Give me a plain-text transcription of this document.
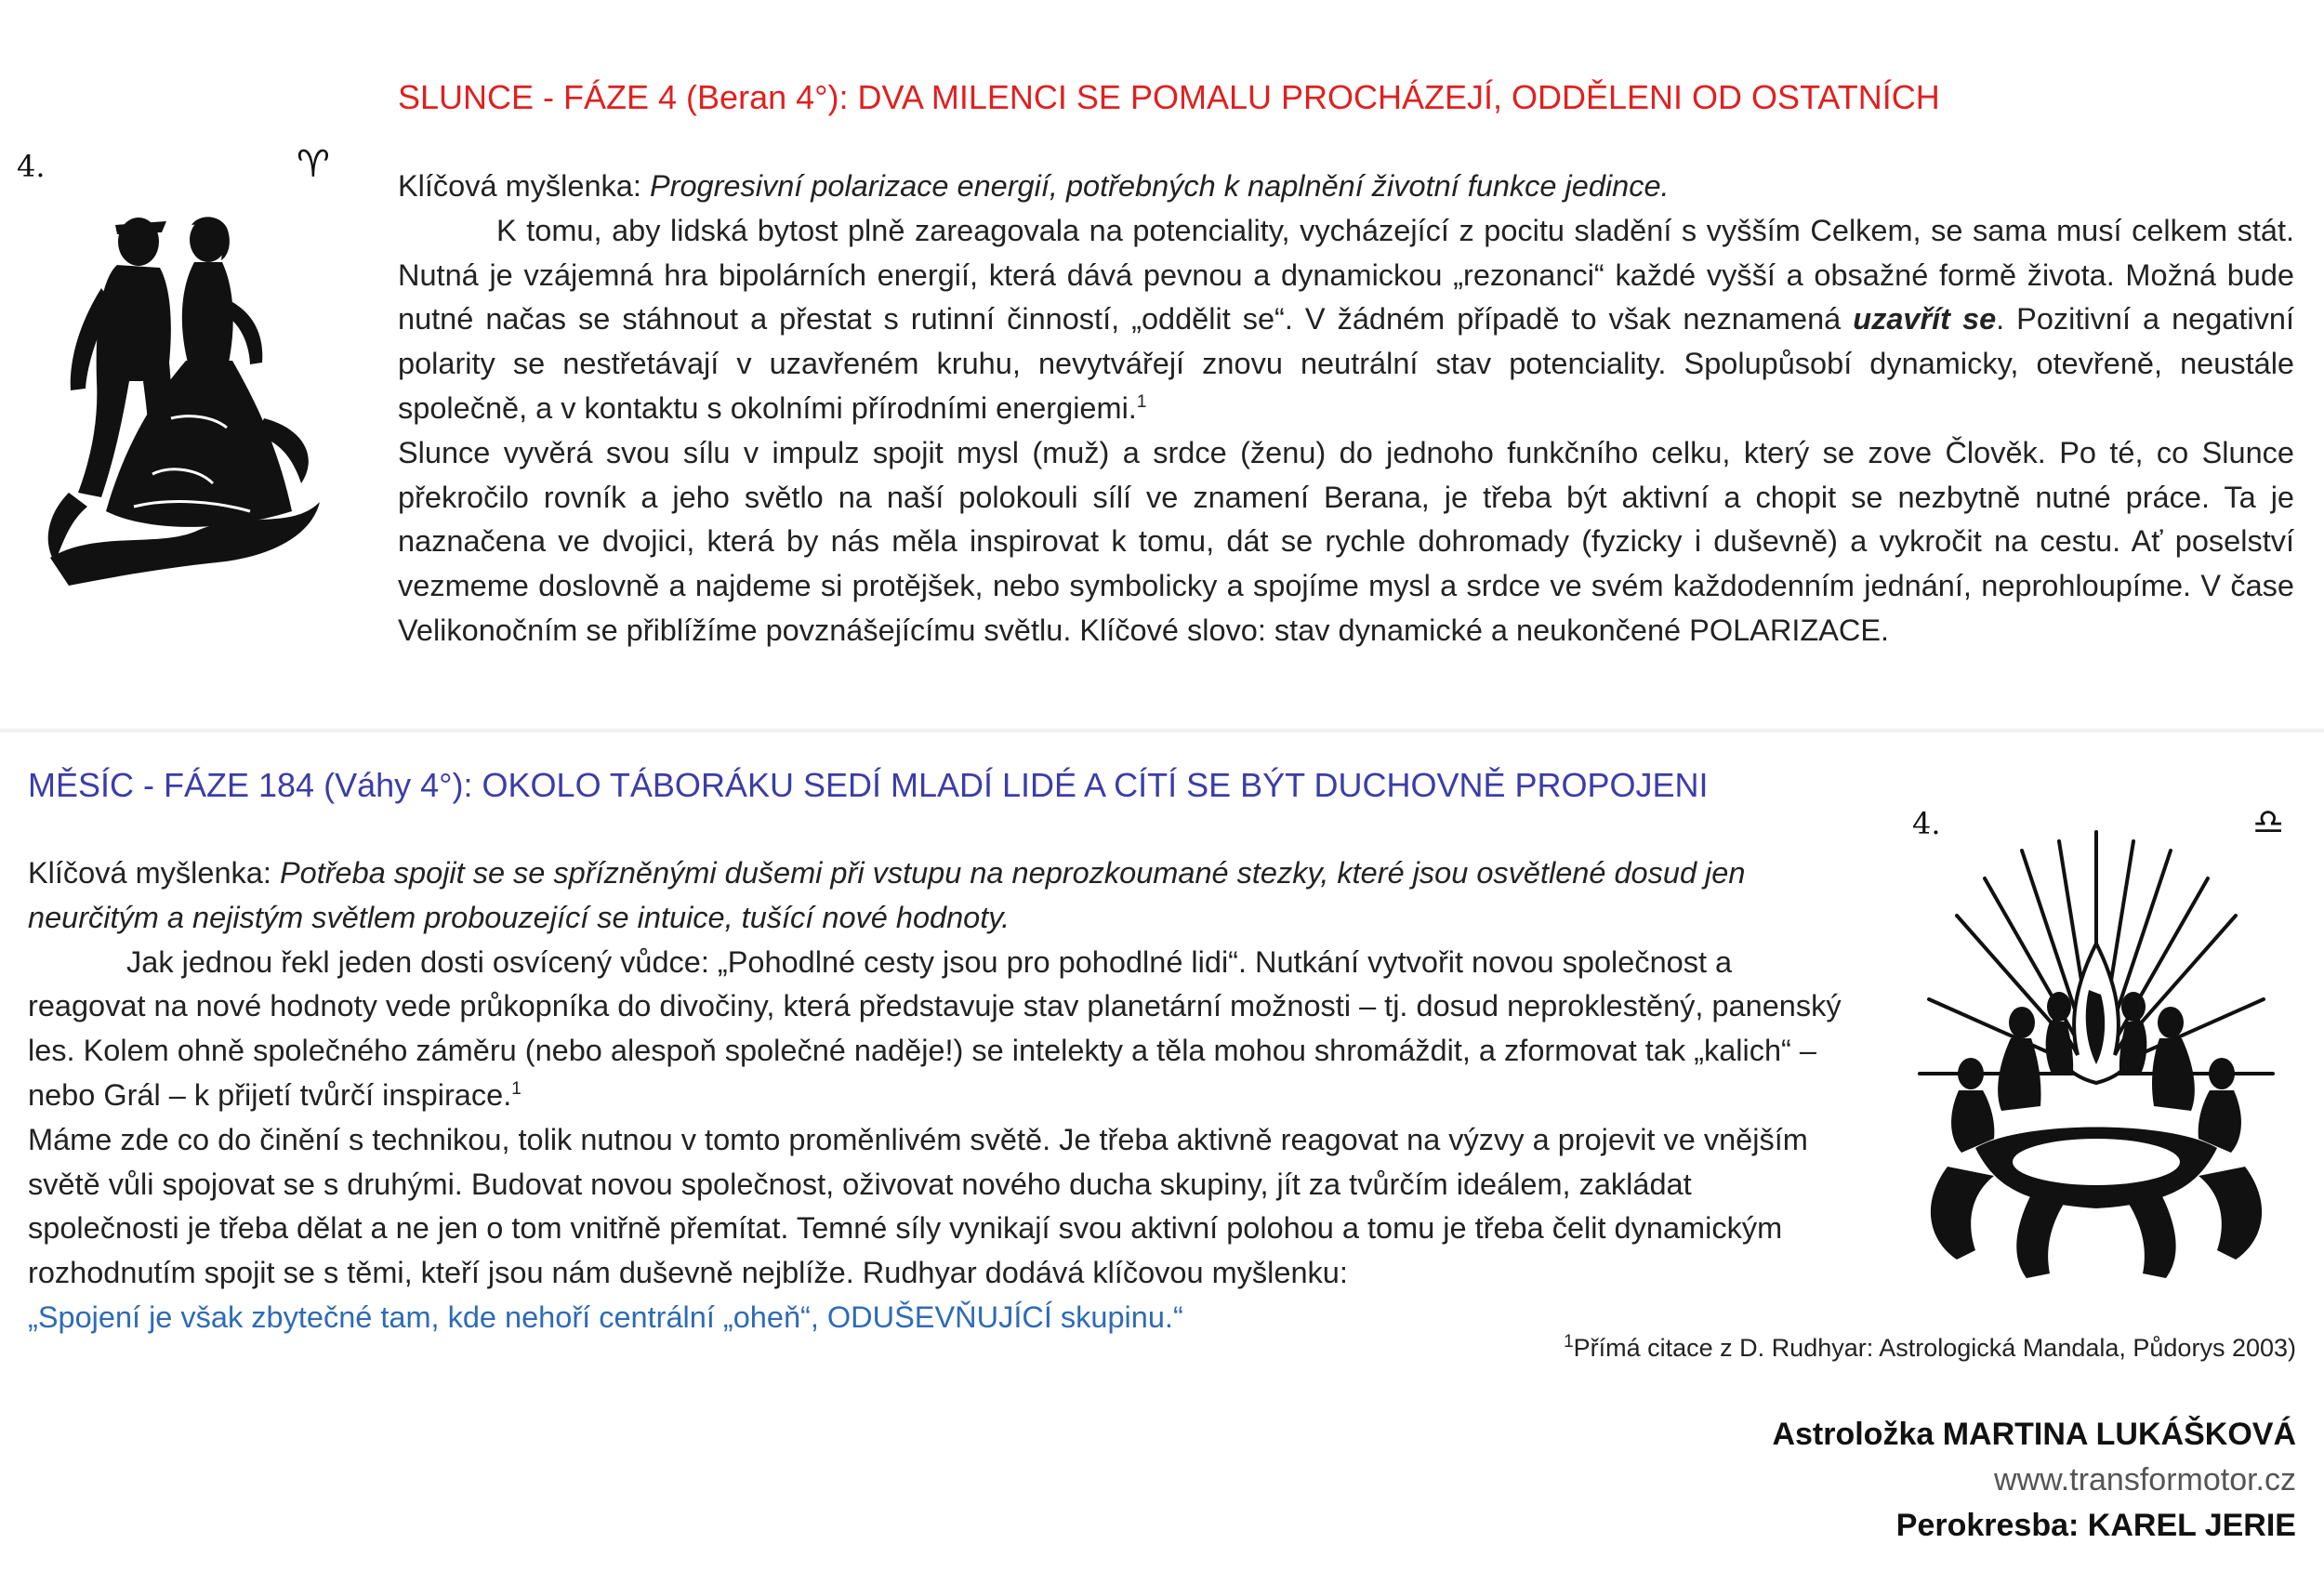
4.	♈
SLUNCE - FÁZE 4 (Beran 4°): DVA MILENCI SE POMALU PROCHÁZEJÍ, ODDĚLENI OD OSTATNÍCH

Klíčová myšlenka: Progresivní polarizace energií, potřebných k naplnění životní funkce jedince.

K tomu, aby lidská bytost plně zareagovala na potenciality, vycházející z pocitu sladění s vyšším Celkem, se sama musí celkem stát. Nutná je vzájemná hra bipolárních energií, která dává pevnou a dynamickou „rezonanci“ každé vyšší a obsažné formě života. Možná bude nutné načas se stáhnout a přestat s rutinní činností, „oddělit se“. V žádném případě to však neznamená uzavřít se. Pozitivní a negativní polarity se nestřetávají v uzavřeném kruhu, nevytvářejí znovu neutrální stav potenciality. Spolupůsobí dynamicky, otevřeně, neustále společně, a v kontaktu s okolními přírodními energiemi.$^1$

Slunce vyvěrá svou sílu v impulz spojit mysl (muž) a srdce (ženu) do jednoho funkčního celku, který se zove Člověk. Po té, co Slunce překročilo rovník a jeho světlo na naší polokouli sílí ve znamení Berana, je třeba být aktivní a chopit se nezbytně nutné práce. Ta je naznačena ve dvojici, která by nás měla inspirovat k tomu, dát se rychle dohromady (fyzicky i duševně) a vykročit na cestu. Ať poselství vezmeme doslovně a najdeme si protějšek, nebo symbolicky a spojíme mysl a srdce ve svém každodenním jednání, neprohloupíme. V čase Velikonočním se přiblížíme povznášejícímu světlu. Klíčové slovo: stav dynamické a neukončené POLARIZACE.

MĚSÍC - FÁZE 184 (Váhy 4°): OKOLO TÁBORÁKU SEDÍ MLADÍ LIDÉ A CÍTÍ SE BÝT DUCHOVNĚ PROPOJENI

Klíčová myšlenka: Potřeba spojit se se spřízněnými dušemi při vstupu na neprozkoumané stezky, které jsou osvětlené dosud jen neurčitým a nejistým světlem probouzející se intuice, tušící nové hodnoty.

Jak jednou řekl jeden dosti osvícený vůdce: „Pohodlné cesty jsou pro pohodlné lidi“. Nutkání vytvořit novou společnost a reagovat na nové hodnoty vede průkopníka do divočiny, která představuje stav planetární možnosti – tj. dosud neproklestěný, panenský les. Kolem ohně společného záměru (nebo alespoň společné naděje!) se intelekty a těla mohou shromáždit, a zformovat tak „kalich“ – nebo Grál – k přijetí tvůrčí inspirace.$^1$

Máme zde co do činění s technikou, tolik nutnou v tomto proměnlivém světě. Je třeba aktivně reagovat na výzvy a projevit ve vnějším světě vůli spojovat se s druhými. Budovat novou společnost, oživovat nového ducha skupiny, jít za tvůrčím ideálem, zakládat společnosti je třeba dělat a ne jen o tom vnitřně přemítat. Temné síly vynikají svou aktivní polohou a tomu je třeba čelit dynamickým rozhodnutím spojit se s těmi, kteří jsou nám duševně nejblíže. Rudhyar dodává klíčovou myšlenku:

„Spojení je však zbytečné tam, kde nehoří centrální „oheň“, ODUŠEVŇUJÍCÍ skupinu.“

4.	♎
$^1$Přímá citace z D. Rudhyar: Astrologická Mandala, Půdorys 2003)
Astroložka MARTINA LUKÁŠKOVÁ
www.transformotor.cz
Perokresba: KAREL JERIE
